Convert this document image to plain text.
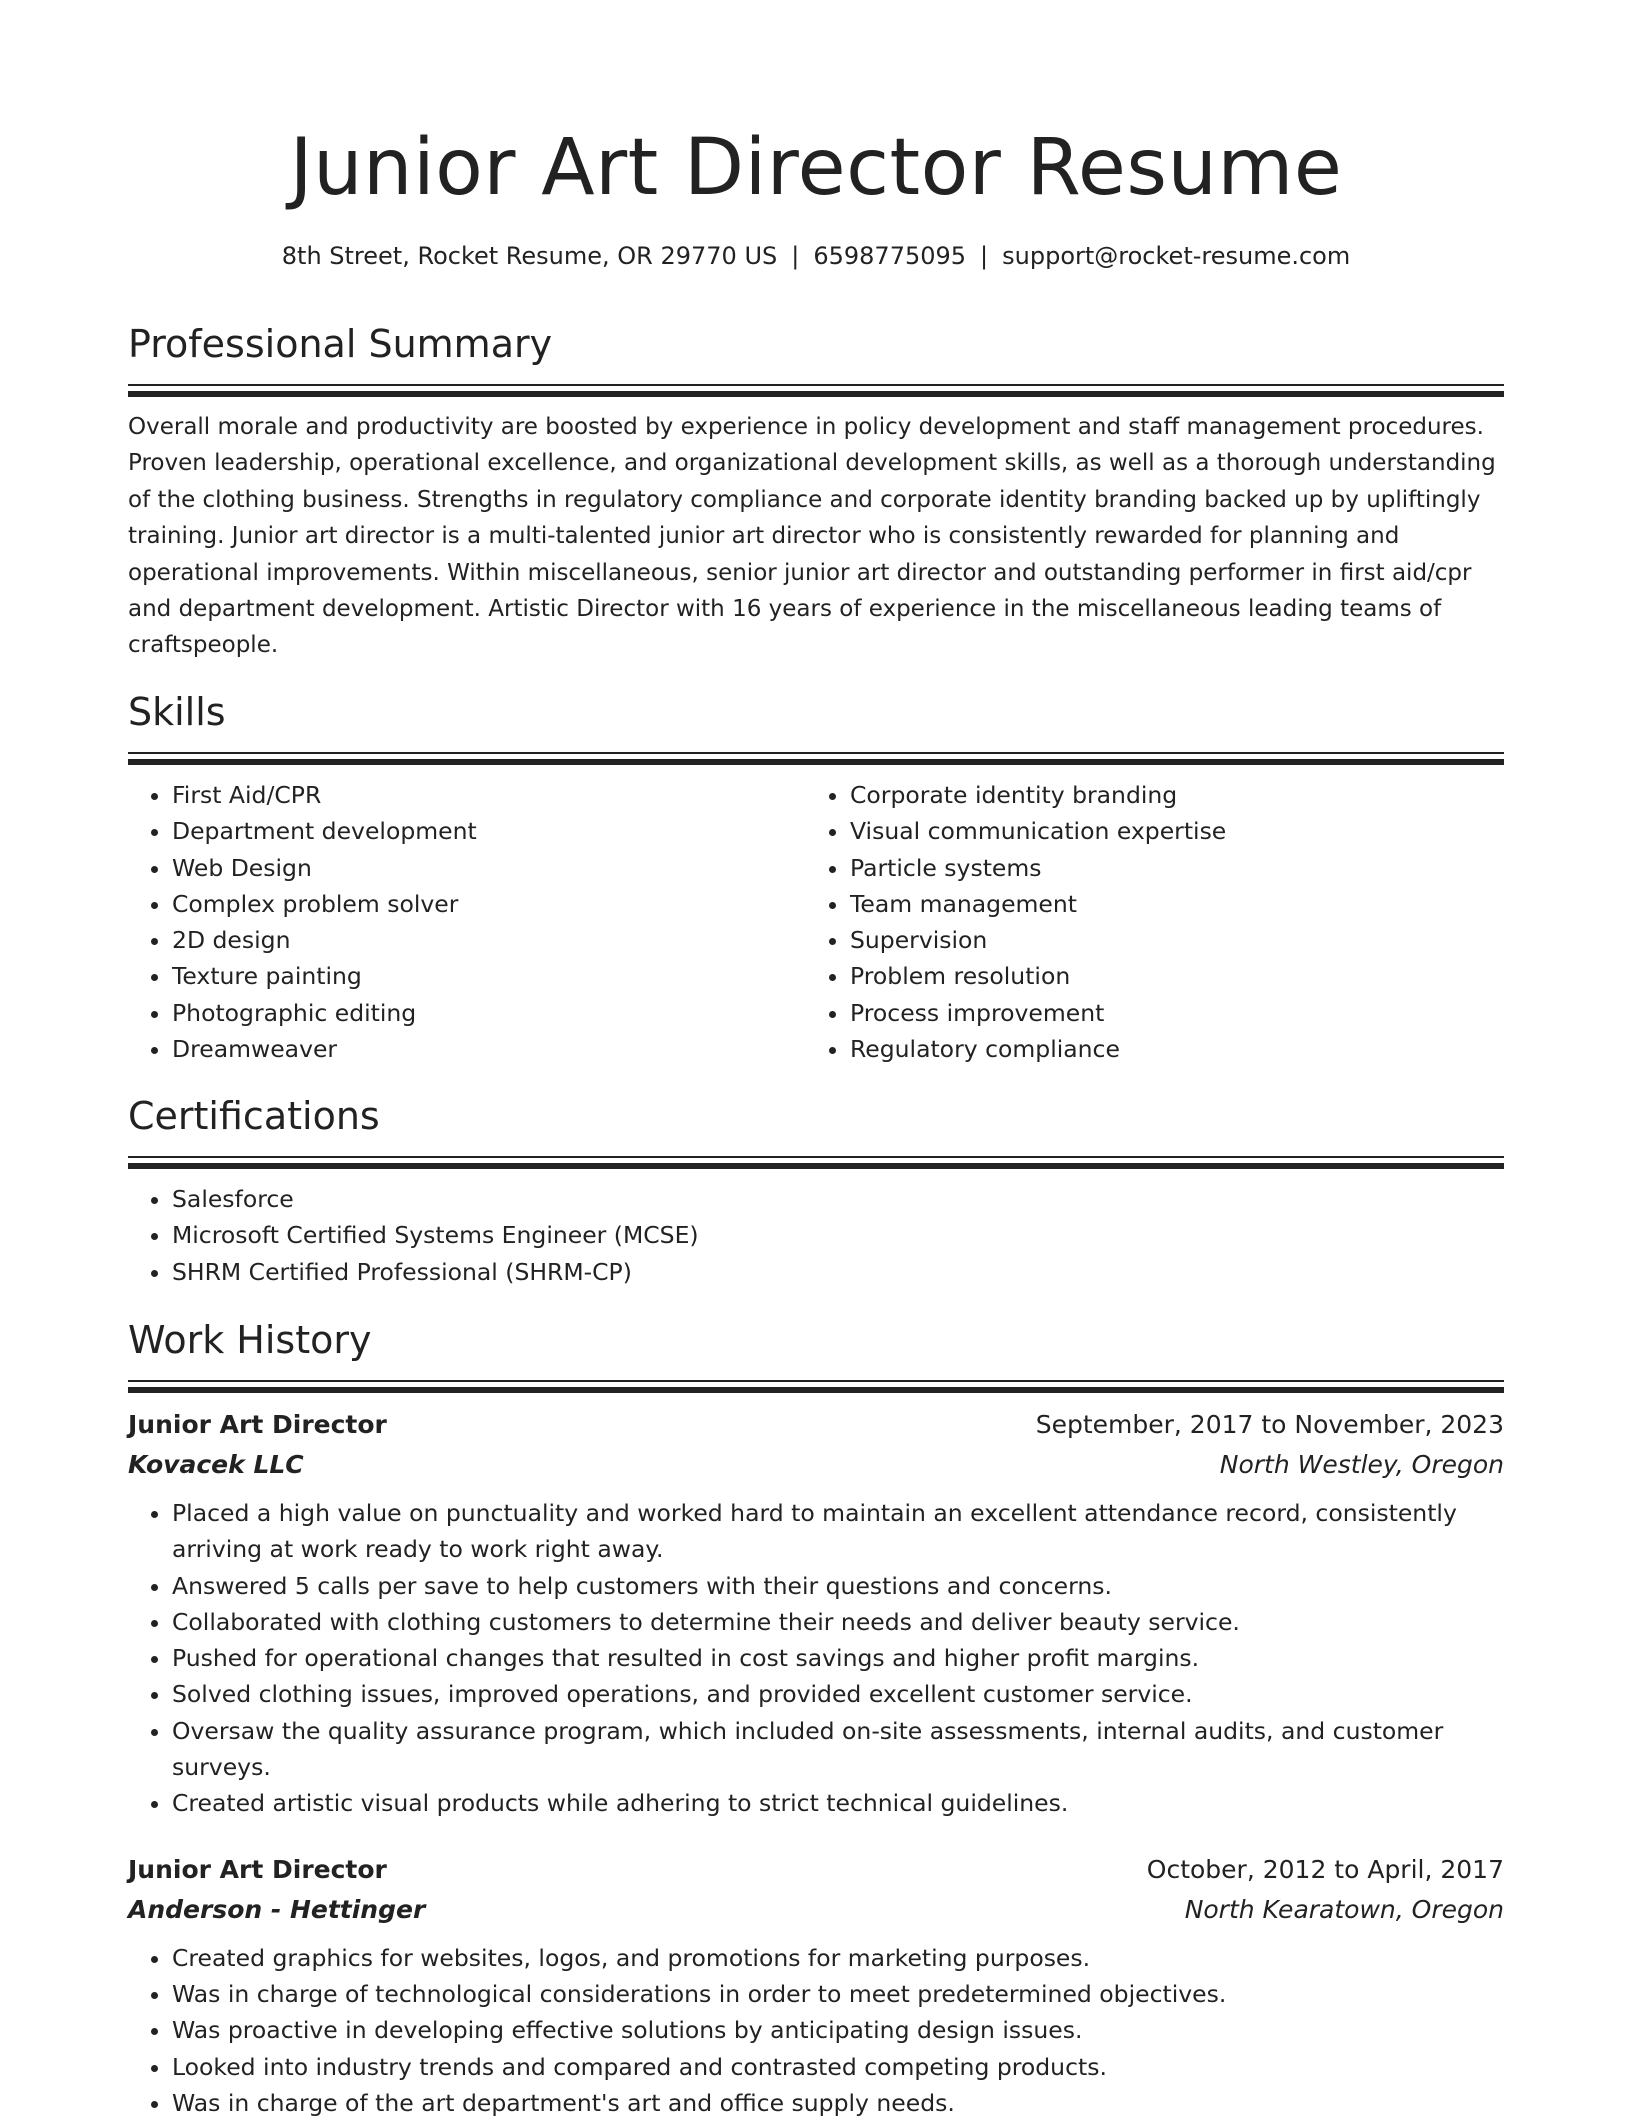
Junior Art Director Resume
8th Street, Rocket Resume, OR 29770 US | 6598775095 | support@rocket-resume.com
Professional Summary

Overall morale and productivity are boosted by experience in policy development and staff management procedures. Proven leadership, operational excellence, and organizational development skills, as well as a thorough understanding of the clothing business. Strengths in regulatory compliance and corporate identity branding backed up by upliftingly training. Junior art director is a multi-talented junior art director who is consistently rewarded for planning and operational improvements. Within miscellaneous, senior junior art director and outstanding performer in first aid/cpr and department development. Artistic Director with 16 years of experience in the miscellaneous leading teams of craftspeople.

Skills
• First Aid/CPR
• Department development
• Web Design
• Complex problem solver
• 2D design
• Texture painting
• Photographic editing
• Dreamweaver
• Corporate identity branding
• Visual communication expertise
• Particle systems
• Team management
• Supervision
• Problem resolution
• Process improvement
• Regulatory compliance
Certifications
• Salesforce
• Microsoft Certified Systems Engineer (MCSE)
• SHRM Certified Professional (SHRM-CP)
Work History
Junior Art Director	September, 2017 to November, 2023
Kovacek LLC	North Westley, Oregon
• Placed a high value on punctuality and worked hard to maintain an excellent attendance record, consistently arriving at work ready to work right away.
• Answered 5 calls per save to help customers with their questions and concerns.
• Collaborated with clothing customers to determine their needs and deliver beauty service.
• Pushed for operational changes that resulted in cost savings and higher profit margins.
• Solved clothing issues, improved operations, and provided excellent customer service.
• Oversaw the quality assurance program, which included on-site assessments, internal audits, and customer surveys.
• Created artistic visual products while adhering to strict technical guidelines.
Junior Art Director	October, 2012 to April, 2017
Anderson - Hettinger	North Kearatown, Oregon
• Created graphics for websites, logos, and promotions for marketing purposes.
• Was in charge of technological considerations in order to meet predetermined objectives.
• Was proactive in developing effective solutions by anticipating design issues.
• Looked into industry trends and compared and contrasted competing products.
• Was in charge of the art department's art and office supply needs.
